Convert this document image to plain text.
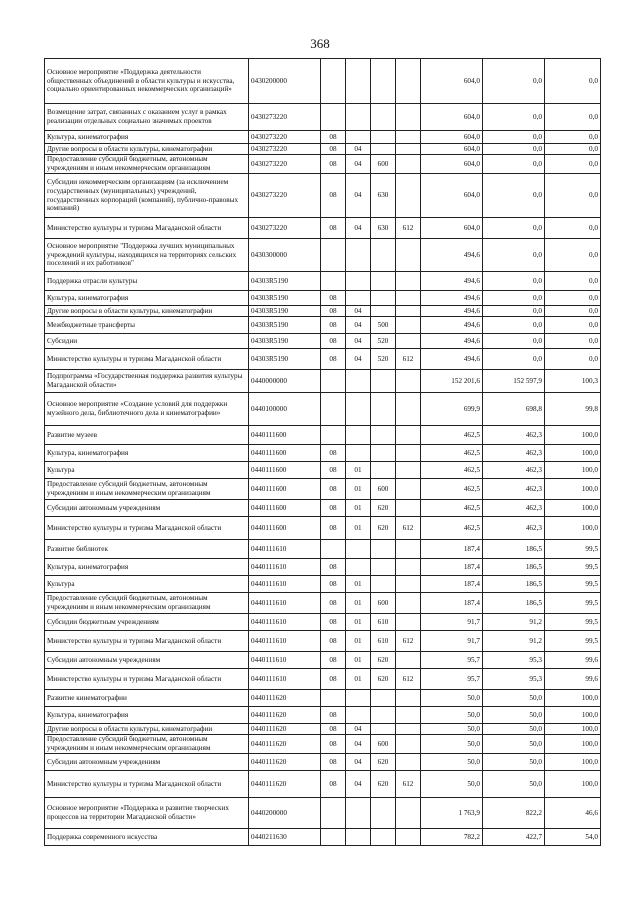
368
Основное мероприятие «Поддержка деятельности общественных объединений в области культуры и искусства, социально ориентированных некоммерческих организаций»	0430200000					604,0	0,0	0,0
Возмещение затрат, связанных с оказанием услуг в рамках реализации отдельных социально значимых проектов	0430273220					604,0	0,0	0,0
Культура, кинематография	0430273220	08				604,0	0,0	0,0
Другие вопросы в области культуры, кинематографии	0430273220	08	04			604,0	0,0	0,0
Предоставление субсидий бюджетным, автономным учреждениям и иным некоммерческим организациям	0430273220	08	04	600		604,0	0,0	0,0
Субсидии некоммерческим организациям (за исключением государственных (муниципальных) учреждений, государственных корпораций (компаний), публично-правовых компаний)	0430273220	08	04	630		604,0	0,0	0,0
Министерство культуры и туризма Магаданской области	0430273220	08	04	630	612	604,0	0,0	0,0
Основное мероприятие "Поддержка лучших муниципальных учреждений культуры, находящихся на территориях сельских поселений и их работников"	0430300000					494,6	0,0	0,0
Поддержка отрасли культуры	04303R5190					494,6	0,0	0,0
Культура, кинематография	04303R5190	08				494,6	0,0	0,0
Другие вопросы в области культуры, кинематографии	04303R5190	08	04			494,6	0,0	0,0
Межбюджетные трансферты	04303R5190	08	04	500		494,6	0,0	0,0
Субсидии	04303R5190	08	04	520		494,6	0,0	0,0
Министерство культуры и туризма Магаданской области	04303R5190	08	04	520	612	494,6	0,0	0,0
Подпрограмма «Государственная поддержка развития культуры Магаданской области»	0440000000					152 201,6	152 597,9	100,3
Основное мероприятие «Создание условий для поддержки музейного дела, библиотечного дела и кинематографии»	0440100000					699,9	698,8	99,8
Развитие музеев	0440111600					462,5	462,3	100,0
Культура, кинематография	0440111600	08				462,5	462,3	100,0
Культура	0440111600	08	01			462,5	462,3	100,0
Предоставление субсидий бюджетным, автономным учреждениям и иным некоммерческим организациям	0440111600	08	01	600		462,5	462,3	100,0
Субсидии автономным учреждениям	0440111600	08	01	620		462,5	462,3	100,0
Министерство культуры и туризма Магаданской области	0440111600	08	01	620	612	462,5	462,3	100,0
Развитие библиотек	0440111610					187,4	186,5	99,5
Культура, кинематография	0440111610	08				187,4	186,5	99,5
Культура	0440111610	08	01			187,4	186,5	99,5
Предоставление субсидий бюджетным, автономным учреждениям и иным некоммерческим организациям	0440111610	08	01	600		187,4	186,5	99,5
Субсидии бюджетным учреждениям	0440111610	08	01	610		91,7	91,2	99,5
Министерство культуры и туризма Магаданской области	0440111610	08	01	610	612	91,7	91,2	99,5
Субсидии автономным учреждениям	0440111610	08	01	620		95,7	95,3	99,6
Министерство культуры и туризма Магаданской области	0440111610	08	01	620	612	95,7	95,3	99,6
Развитие кинематографии	0440111620					50,0	50,0	100,0
Культура, кинематография	0440111620	08				50,0	50,0	100,0
Другие вопросы в области культуры, кинематографии	0440111620	08	04			50,0	50,0	100,0
Предоставление субсидий бюджетным, автономным учреждениям и иным некоммерческим организациям	0440111620	08	04	600		50,0	50,0	100,0
Субсидии автономным учреждениям	0440111620	08	04	620		50,0	50,0	100,0
Министерство культуры и туризма Магаданской области	0440111620	08	04	620	612	50,0	50,0	100,0
Основное мероприятие «Поддержка и развитие творческих процессов на территории Магаданской области»	0440200000					1 763,9	822,2	46,6
Поддержка современного искусства	0440211630					782,2	422,7	54,0
